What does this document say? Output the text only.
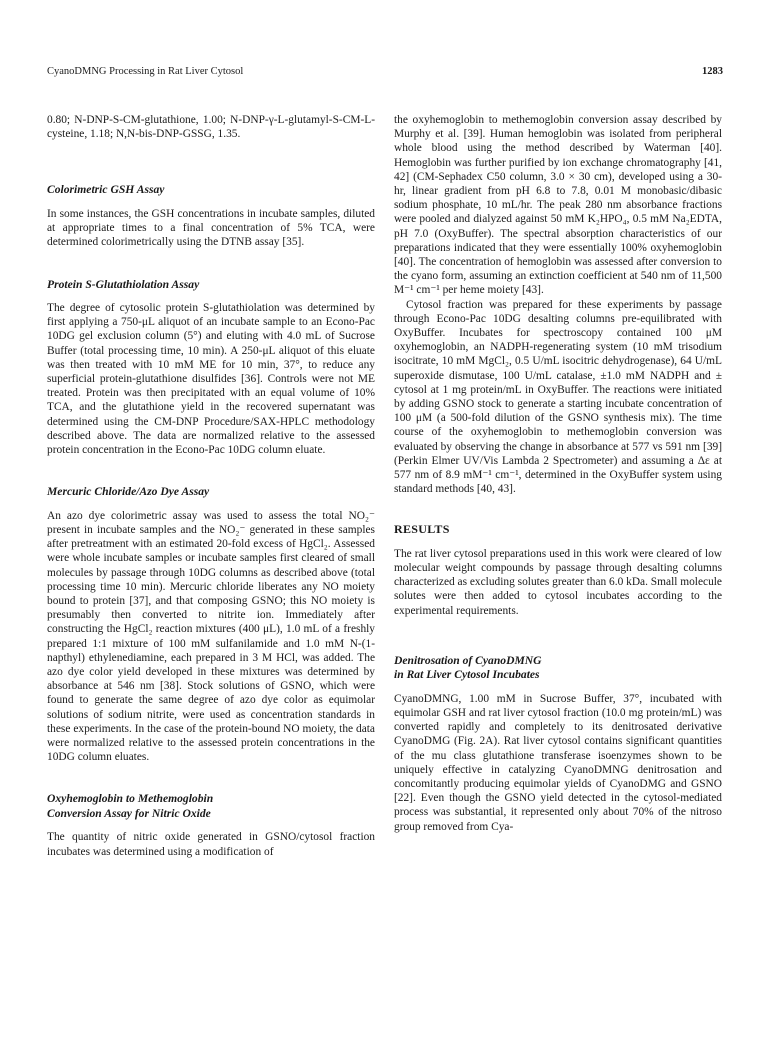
CyanoDMNG Processing in Rat Liver Cytosol	1283

0.80; N-DNP-S-CM-glutathione, 1.00; N-DNP-γ-L-glutamyl-S-CM-L-cysteine, 1.18; N,N-bis-DNP-GSSG, 1.35.

Colorimetric GSH Assay

In some instances, the GSH concentrations in incubate samples, diluted at appropriate times to a final concentration of 5% TCA, were determined colorimetrically using the DTNB assay [35].

Protein S-Glutathiolation Assay

The degree of cytosolic protein S-glutathiolation was determined by first applying a 750-μL aliquot of an incubate sample to an Econo-Pac 10DG gel exclusion column (5°) and eluting with 4.0 mL of Sucrose Buffer (total processing time, 10 min). A 250-μL aliquot of this eluate was then treated with 10 mM ME for 10 min, 37°, to reduce any superficial protein-glutathione disulfides [36]. Controls were not ME treated. Protein was then precipitated with an equal volume of 10% TCA, and the glutathione yield in the recovered supernatant was determined using the CM-DNP Procedure/SAX-HPLC methodology described above. The data are normalized relative to the assessed protein concentration in the Econo-Pac 10DG column eluate.

Mercuric Chloride/Azo Dye Assay

An azo dye colorimetric assay was used to assess the total NO₂⁻ present in incubate samples and the NO₂⁻ generated in these samples after pretreatment with an estimated 20-fold excess of HgCl₂. Assessed were whole incubate samples or incubate samples first cleared of small molecules by passage through 10DG columns as described above (total processing time 10 min). Mercuric chloride liberates any NO moiety bound to protein [37], and that composing GSNO; this NO moiety is presumably then converted to nitrite ion. Immediately after constructing the HgCl₂ reaction mixtures (400 μL), 1.0 mL of a freshly prepared 1:1 mixture of 100 mM sulfanilamide and 1.0 mM N-(1-napthyl) ethylenediamine, each prepared in 3 M HCl, was added. The azo dye color yield developed in these mixtures was determined by absorbance at 546 nm [38]. Stock solutions of GSNO, which were found to generate the same degree of azo dye color as equimolar solutions of sodium nitrite, were used as concentration standards in these experiments. In the case of the protein-bound NO moiety, the data were normalized relative to the assessed protein concentrations in the 10DG column eluates.

Oxyhemoglobin to Methemoglobin

Conversion Assay for Nitric Oxide

The quantity of nitric oxide generated in GSNO/cytosol fraction incubates was determined using a modification of

the oxyhemoglobin to methemoglobin conversion assay described by Murphy et al. [39]. Human hemoglobin was isolated from peripheral whole blood using the method described by Waterman [40]. Hemoglobin was further purified by ion exchange chromatography [41, 42] (CM-Sephadex C50 column, 3.0 × 30 cm), developed using a 30-hr, linear gradient from pH 6.8 to 7.8, 0.01 M monobasic/dibasic sodium phosphate, 10 mL/hr. The peak 280 nm absorbance fractions were pooled and dialyzed against 50 mM K₂HPO₄, 0.5 mM Na₂EDTA, pH 7.0 (OxyBuffer). The spectral absorption characteristics of our preparations indicated that they were essentially 100% oxyhemoglobin [40]. The concentration of hemoglobin was assessed after conversion to the cyano form, assuming an extinction coefficient at 540 nm of 11,500 M⁻¹ cm⁻¹ per heme moiety [43].

Cytosol fraction was prepared for these experiments by passage through Econo-Pac 10DG desalting columns pre-equilibrated with OxyBuffer. Incubates for spectroscopy contained 100 μM oxyhemoglobin, an NADPH-regenerating system (10 mM trisodium isocitrate, 10 mM MgCl₂, 0.5 U/mL isocitric dehydrogenase), 64 U/mL superoxide dismutase, 100 U/mL catalase, ±1.0 mM NADPH and ± cytosol at 1 mg protein/mL in OxyBuffer. The reactions were initiated by adding GSNO stock to generate a starting incubate concentration of 100 μM (a 500-fold dilution of the GSNO synthesis mix). The time course of the oxyhemoglobin to methemoglobin conversion was evaluated by observing the change in absorbance at 577 vs 591 nm [39] (Perkin Elmer UV/Vis Lambda 2 Spectrometer) and assuming a Δε at 577 nm of 8.9 mM⁻¹ cm⁻¹, determined in the OxyBuffer system using standard methods [40, 43].

RESULTS

The rat liver cytosol preparations used in this work were cleared of low molecular weight compounds by passage through desalting columns characterized as excluding solutes greater than 6.0 kDa. Small molecule solutes were then added to cytosol incubates according to the experimental requirements.

Denitrosation of CyanoDMNG

in Rat Liver Cytosol Incubates

CyanoDMNG, 1.00 mM in Sucrose Buffer, 37°, incubated with equimolar GSH and rat liver cytosol fraction (10.0 mg protein/mL) was converted rapidly and completely to its denitrosated derivative CyanoDMG (Fig. 2A). Rat liver cytosol contains significant quantities of the mu class glutathione transferase isoenzymes shown to be uniquely effective in catalyzing CyanoDMNG denitrosation and concomitantly producing equimolar yields of CyanoDMG and GSNO [22]. Even though the GSNO yield detected in the cytosol-mediated process was substantial, it represented only about 70% of the nitroso group removed from Cya-
